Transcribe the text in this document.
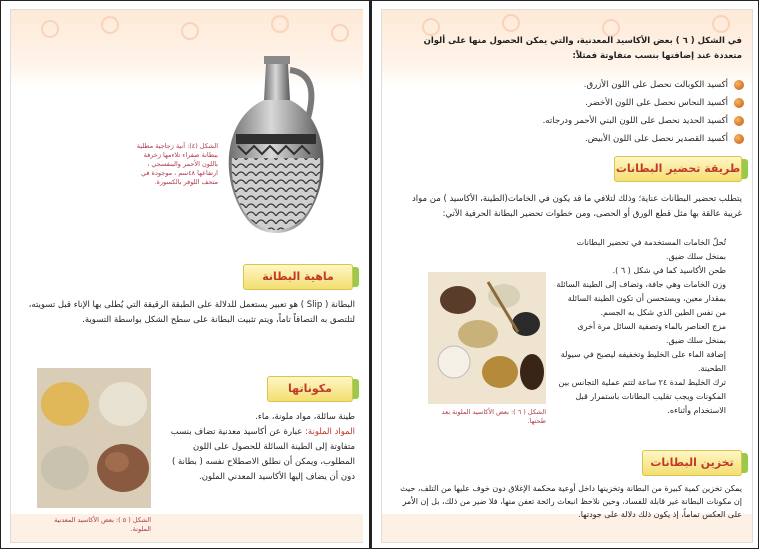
الشكل (٤): آنية زجاجية مطلية ببطانة صفراء تلاءمها زخرفة باللون الأحمر والبنفسجي ، ارتفاعها ٤٨سم ، موجودة في متحف اللوفر بالكسورة.
ماهية البطانة
البطانة ( Slip ) هو تعبير يستعمل للدلالة على الطبقة الرقيقة التي يُطلى بها الإناء قبل تسويته، لتلتصق به التصاقاً تاماً، ويتم تثبيت البطانة على سطح الشكل بواسطة التسوية.
مكوناتها
طينة سائلة، مواد ملونة، ماء.
المواد الملونة: عبارة عن أكاسيد معدنية تضاف بنسب متفاوتة إلى الطينة السائلة للحصول على اللون المطلوب، ويمكن أن نطلق الاصطلاح نفسه ( بطانة ) دون أن يضاف إليها الأكاسيد المعدني الملون.
الشكل ( ٥ ): بعض الأكاسيد المعدنية الملونة.
في الشكل ( ٦ ) بعض الأكاسيد المعدنية، والتي يمكن الحصول منها على ألوان متعددة عند إضافتها بنسب متفاوتة فمثلاً:
أكسيد الكوبالت نحصل على اللون الأزرق.
أكسيد النحاس نحصل على اللون الأخضر.
أكسيد الحديد نحصل على اللون البني الأحمر ودرجاته.
أكسيد القصدير نحصل على اللون الأبيض.
طريقة تحضير البطانات
يتطلب تحضير البطانات عناية؛ وذلك لتلافي ما قد يكون في الخامات(الطينة، الأكاسيد ) من مواد غريبة عالقة بها مثل قطع الورق أو الحصى، ومن خطوات تحضير البطانة الحرفية الآتي:
الشكل ( ٦ ): بعض الأكاسيد الملونة بعد طحنها.
تُحلّ الخامات المستخدمة في تحضير البطانات بمنخل سلك ضيق.
طحن الأكاسيد كما في شكل ( ٦ ).
وزن الخامات وهي جافة، وتضاف إلى الطينة السائلة بمقدار معين، ويستحسن أن تكون الطينة السائلة من نفس الطين الذي شكل به الجسم.
مزج العناصر بالماء وتصفية السائل مرة أخرى بمنخل سلك ضيق.
إضافة الماء على الخليط وتخفيفه ليصبح في سيولة الطحينة.
ترك الخليط لمدة ٢٤ ساعة لتتم عملية التجانس بين المكونات ويجب تقليب البطانات باستمرار قبل الاستخدام وأثناءه.
تخزين البطانات
يمكن تخزين كمية كبيرة من البطانة وتخزينها داخل أوعية محكمة الإغلاق دون خوف عليها من التلف، حيث إن مكونات البطانة غير قابلة للفساد، وحين نلاحظ انبعاث رائحة تعفن منها، فلا ضير من ذلك، بل إن الأمر على العكس تماماً، إذ يكون ذلك دلالة على جودتها.
